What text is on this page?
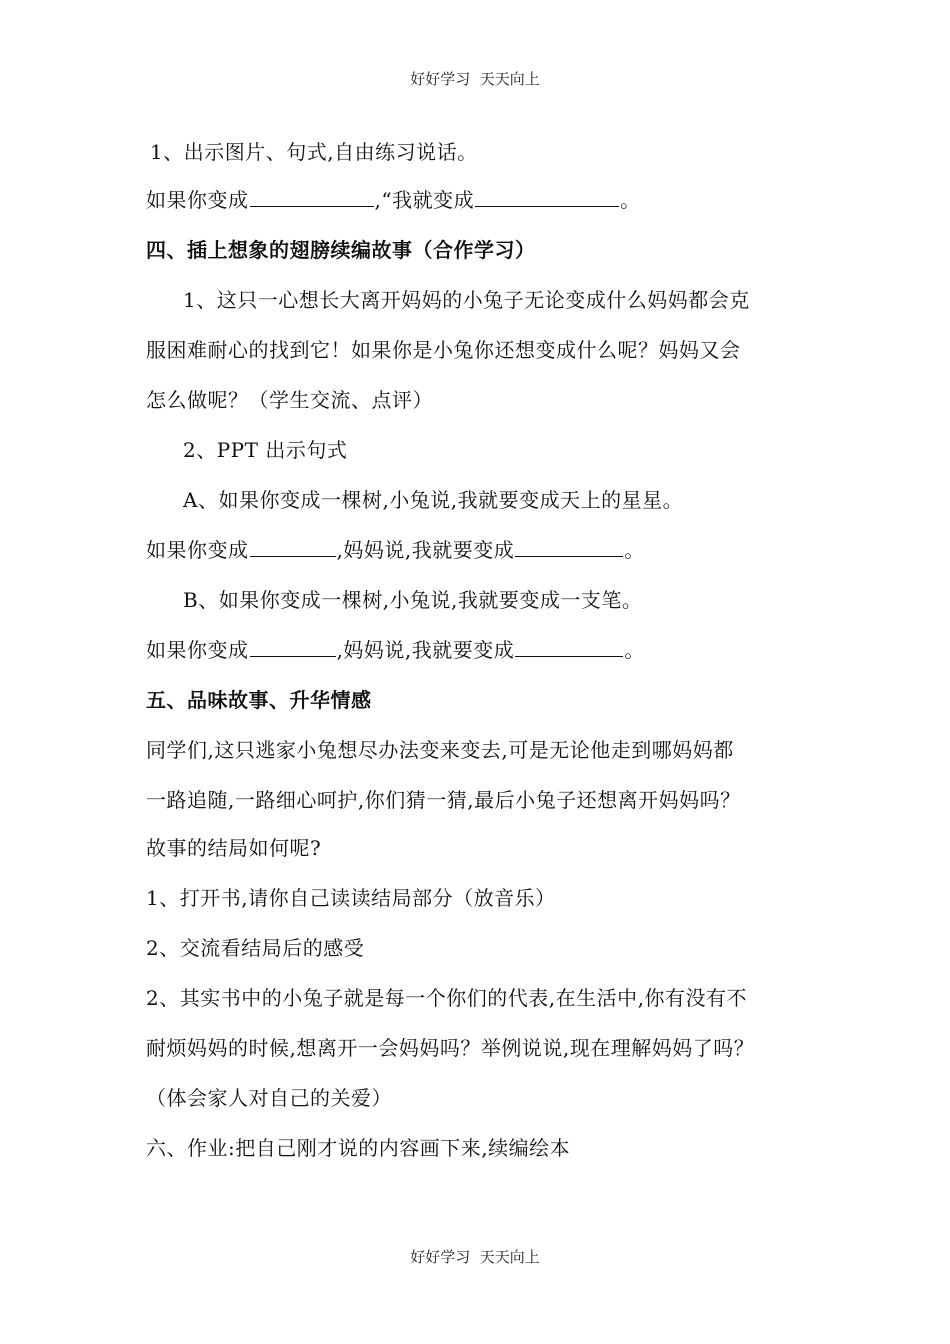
好好学习  天天向上
1、出示图片、句式,自由练习说话。
如果你变成	,“我就变成	。
四、插上想象的翅膀续编故事（合作学习）
1、这只一心想长大离开妈妈的小兔子无论变成什么妈妈都会克
服困难耐心的找到它！如果你是小兔你还想变成什么呢？妈妈又会
怎么做呢？（学生交流、点评）
2、PPT 出示句式
A、如果你变成一棵树,小兔说,我就要变成天上的星星。
如果你变成	,妈妈说,我就要变成	。
B、如果你变成一棵树,小兔说,我就要变成一支笔。
如果你变成	,妈妈说,我就要变成	。
五、品味故事、升华情感
同学们,这只逃家小兔想尽办法变来变去,可是无论他走到哪妈妈都
一路追随,一路细心呵护,你们猜一猜,最后小兔子还想离开妈妈吗？
故事的结局如何呢?
1、打开书,请你自己读读结局部分（放音乐）
2、交流看结局后的感受
2、其实书中的小兔子就是每一个你们的代表,在生活中,你有没有不
耐烦妈妈的时候,想离开一会妈妈吗？举例说说,现在理解妈妈了吗？
（体会家人对自己的关爱）
六、作业:把自己刚才说的内容画下来,续编绘本
好好学习  天天向上
